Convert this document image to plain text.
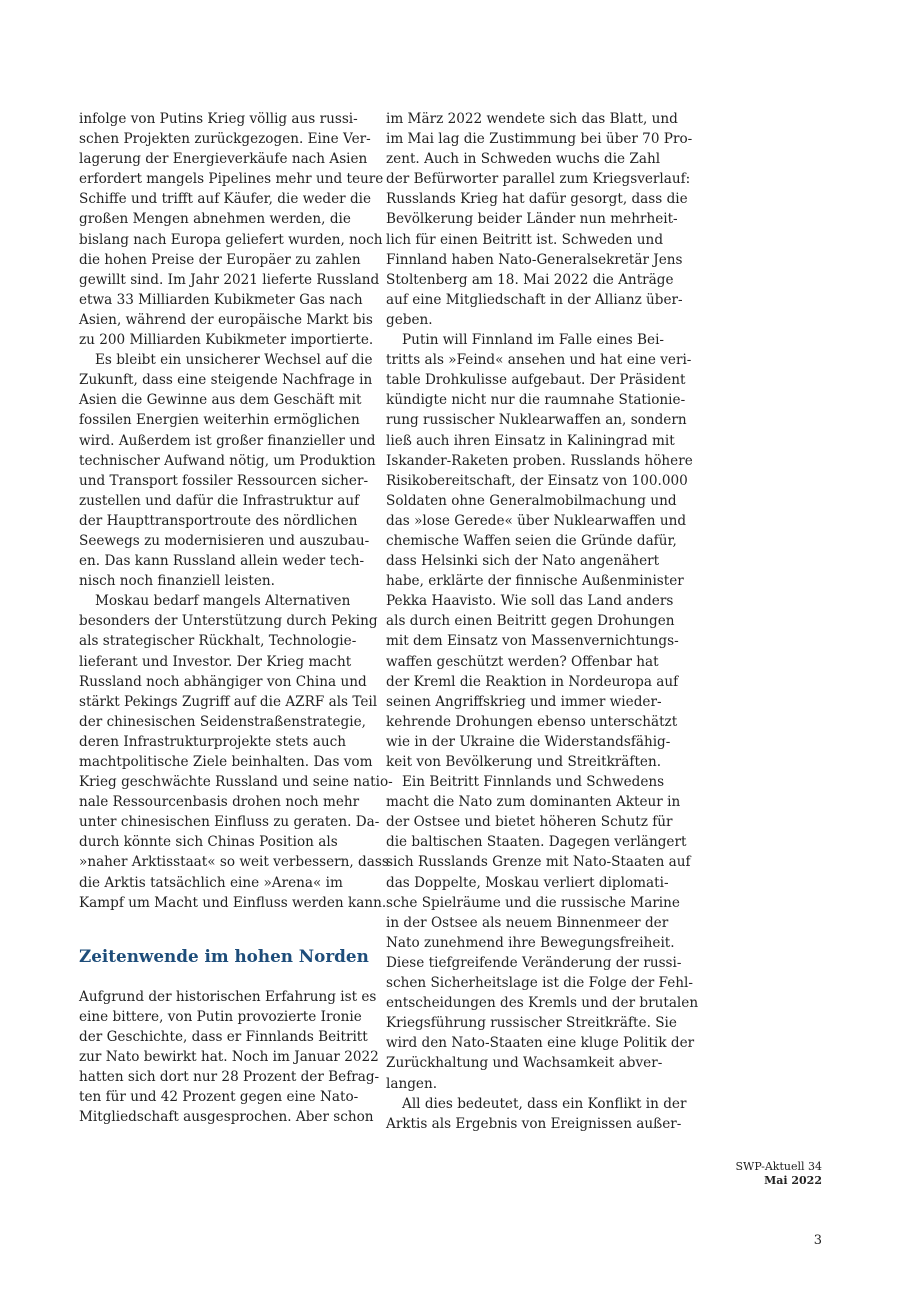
infolge von Putins Krieg völlig aus russi-
schen Projekten zurückgezogen. Eine Ver-
lagerung der Energieverkäufe nach Asien
erfordert mangels Pipelines mehr und teure
Schiffe und trifft auf Käufer, die weder die
großen Mengen abnehmen werden, die
bislang nach Europa geliefert wurden, noch
die hohen Preise der Europäer zu zahlen
gewillt sind. Im Jahr 2021 lieferte Russland
etwa 33 Milliarden Kubikmeter Gas nach
Asien, während der europäische Markt bis
zu 200 Milliarden Kubikmeter importierte.
Es bleibt ein unsicherer Wechsel auf die
Zukunft, dass eine steigende Nachfrage in
Asien die Gewinne aus dem Geschäft mit
fossilen Energien weiterhin ermöglichen
wird. Außerdem ist großer finanzieller und
technischer Aufwand nötig, um Produktion
und Transport fossiler Ressourcen sicher-
zustellen und dafür die Infrastruktur auf
der Haupttransportroute des nördlichen
Seewegs zu modernisieren und auszubau-
en. Das kann Russland allein weder tech-
nisch noch finanziell leisten.
Moskau bedarf mangels Alternativen
besonders der Unterstützung durch Peking
als strategischer Rückhalt, Technologie-
lieferant und Investor. Der Krieg macht
Russland noch abhängiger von China und
stärkt Pekings Zugriff auf die AZRF als Teil
der chinesischen Seidenstraßenstrategie,
deren Infrastrukturprojekte stets auch
machtpolitische Ziele beinhalten. Das vom
Krieg geschwächte Russland und seine natio-
nale Ressourcenbasis drohen noch mehr
unter chinesischen Einfluss zu geraten. Da-
durch könnte sich Chinas Position als
»naher Arktisstaat« so weit verbessern, dass
die Arktis tatsächlich eine »Arena« im
Kampf um Macht und Einfluss werden kann.
Zeitenwende im hohen Norden
Aufgrund der historischen Erfahrung ist es
eine bittere, von Putin provozierte Ironie
der Geschichte, dass er Finnlands Beitritt
zur Nato bewirkt hat. Noch im Januar 2022
hatten sich dort nur 28 Prozent der Befrag-
ten für und 42 Prozent gegen eine Nato-
Mitgliedschaft ausgesprochen. Aber schon
im März 2022 wendete sich das Blatt, und
im Mai lag die Zustimmung bei über 70 Pro-
zent. Auch in Schweden wuchs die Zahl
der Befürworter parallel zum Kriegsverlauf:
Russlands Krieg hat dafür gesorgt, dass die
Bevölkerung beider Länder nun mehrheit-
lich für einen Beitritt ist. Schweden und
Finnland haben Nato-Generalsekretär Jens
Stoltenberg am 18. Mai 2022 die Anträge
auf eine Mitgliedschaft in der Allianz über-
geben.
Putin will Finnland im Falle eines Bei-
tritts als »Feind« ansehen und hat eine veri-
table Drohkulisse aufgebaut. Der Präsident
kündigte nicht nur die raumnahe Stationie-
rung russischer Nuklearwaffen an, sondern
ließ auch ihren Einsatz in Kaliningrad mit
Iskander-Raketen proben. Russlands höhere
Risikobereitschaft, der Einsatz von 100.000
Soldaten ohne Generalmobilmachung und
das »lose Gerede« über Nuklearwaffen und
chemische Waffen seien die Gründe dafür,
dass Helsinki sich der Nato angenähert
habe, erklärte der finnische Außenminister
Pekka Haavisto. Wie soll das Land anders
als durch einen Beitritt gegen Drohungen
mit dem Einsatz von Massenvernichtungs-
waffen geschützt werden? Offenbar hat
der Kreml die Reaktion in Nordeuropa auf
seinen Angriffskrieg und immer wieder-
kehrende Drohungen ebenso unterschätzt
wie in der Ukraine die Widerstandsfähig-
keit von Bevölkerung und Streitkräften.
Ein Beitritt Finnlands und Schwedens
macht die Nato zum dominanten Akteur in
der Ostsee und bietet höheren Schutz für
die baltischen Staaten. Dagegen verlängert
sich Russlands Grenze mit Nato-Staaten auf
das Doppelte, Moskau verliert diplomati-
sche Spielräume und die russische Marine
in der Ostsee als neuem Binnenmeer der
Nato zunehmend ihre Bewegungsfreiheit.
Diese tiefgreifende Veränderung der russi-
schen Sicherheitslage ist die Folge der Fehl-
entscheidungen des Kremls und der brutalen
Kriegsführung russischer Streitkräfte. Sie
wird den Nato-Staaten eine kluge Politik der
Zurückhaltung und Wachsamkeit abver-
langen.
All dies bedeutet, dass ein Konflikt in der
Arktis als Ergebnis von Ereignissen außer-
SWP-Aktuell 34
Mai 2022
3
